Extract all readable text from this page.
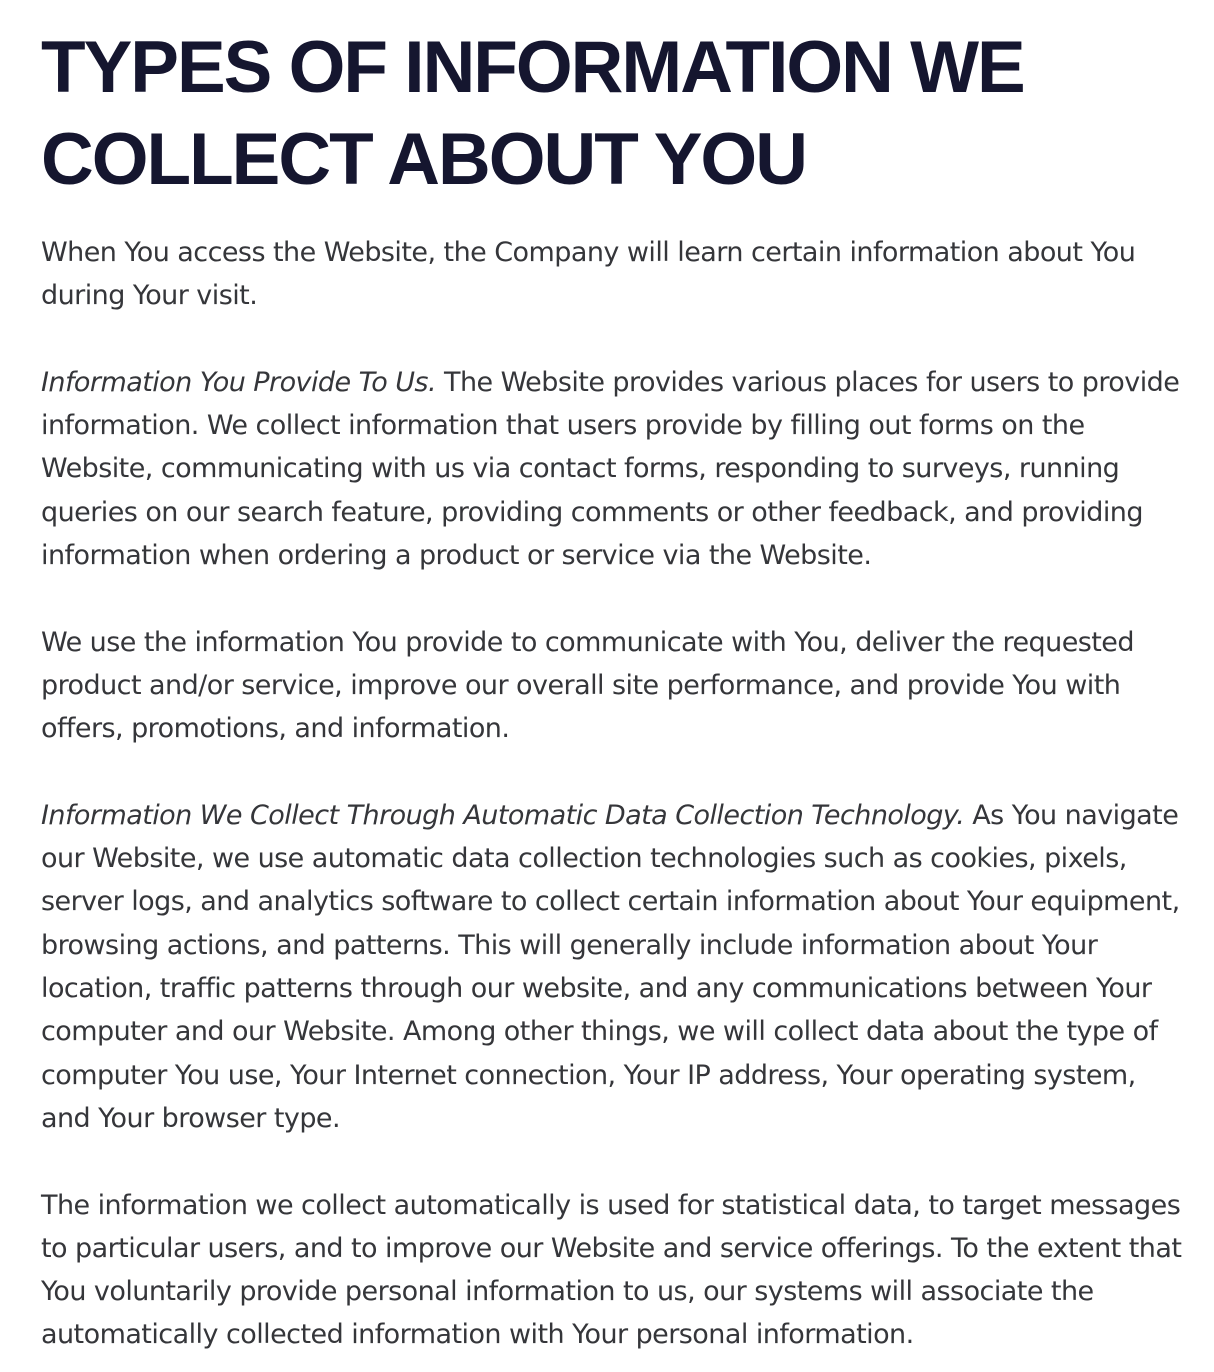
TYPES OF INFORMATION WE
COLLECT ABOUT YOU

When You access the Website, the Company will learn certain information about You during Your visit.

Information You Provide To Us. The Website provides various places for users to provide information. We collect information that users provide by filling out forms on the Website, communicating with us via contact forms, responding to surveys, running queries on our search feature, providing comments or other feedback, and providing information when ordering a product or service via the Website.

We use the information You provide to communicate with You, deliver the requested product and/or service, improve our overall site performance, and provide You with offers, promotions, and information.

Information We Collect Through Automatic Data Collection Technology. As You navigate our Website, we use automatic data collection technologies such as cookies, pixels, server logs, and analytics software to collect certain information about Your equipment, browsing actions, and patterns. This will generally include information about Your location, traffic patterns through our website, and any communications between Your computer and our Website. Among other things, we will collect data about the type of computer You use, Your Internet connection, Your IP address, Your operating system, and Your browser type.

The information we collect automatically is used for statistical data, to target messages to particular users, and to improve our Website and service offerings. To the extent that You voluntarily provide personal information to us, our systems will associate the automatically collected information with Your personal information.
